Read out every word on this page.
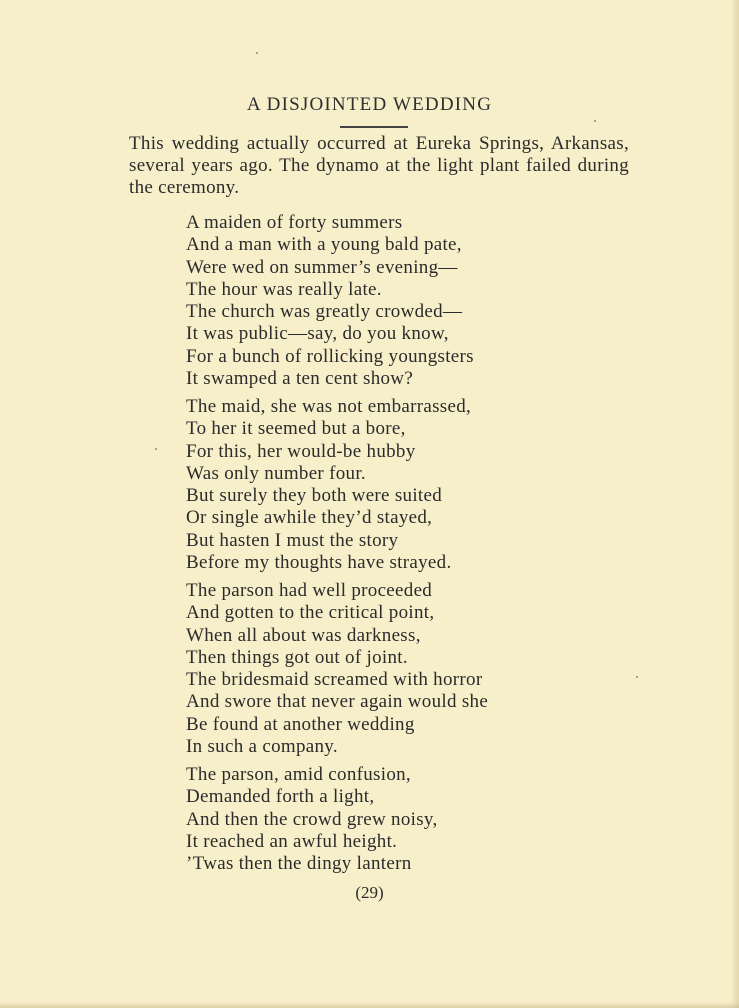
A DISJOINTED WEDDING
This wedding actually occurred at Eureka Springs, Arkansas, several years ago. The dynamo at the light plant failed during the ceremony.
A maiden of forty summers
And a man with a young bald pate,
Were wed on summer’s evening—
The hour was really late.
The church was greatly crowded—
It was public—say, do you know,
For a bunch of rollicking youngsters
It swamped a ten cent show?
The maid, she was not embarrassed,
To her it seemed but a bore,
For this, her would-be hubby
Was only number four.
But surely they both were suited
Or single awhile they’d stayed,
But hasten I must the story
Before my thoughts have strayed.
The parson had well proceeded
And gotten to the critical point,
When all about was darkness,
Then things got out of joint.
The bridesmaid screamed with horror
And swore that never again would she
Be found at another wedding
In such a company.
The parson, amid confusion,
Demanded forth a light,
And then the crowd grew noisy,
It reached an awful height.
’Twas then the dingy lantern
(29)
